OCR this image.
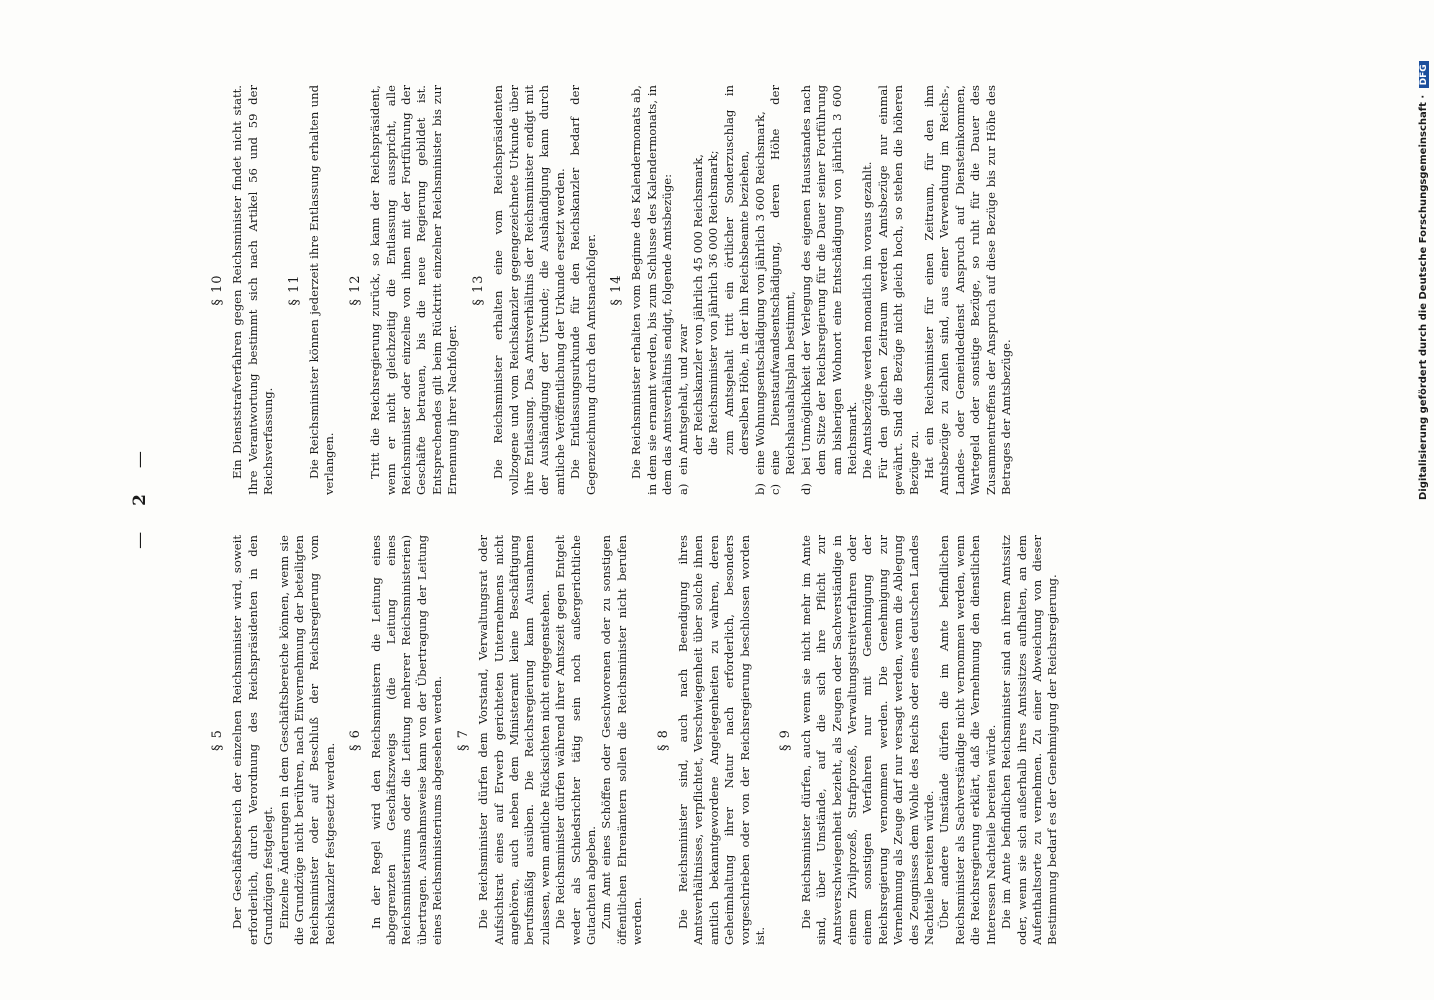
— 2 —
§ 5 Der Geschäftsbereich der einzelnen Reichsminister wird, soweit erforderlich, durch Verordnung des Reichspräsidenten in den Grundzügen festgelegt. Einzelne Änderungen in dem Geschäftsbereiche können, wenn sie die Grundzüge nicht berühren, nach Einvernehmung der beteiligten Reichsminister oder auf Beschluß der Reichsregierung vom Reichskanzler festgesetzt werden.

§ 6 In der Regel wird den Reichsministern die Leitung eines abgegrenzten Geschäftszweigs (die Leitung eines Reichsministeriums oder die Leitung mehrerer Reichsministerien) übertragen. Ausnahmsweise kann von der Übertragung der Leitung eines Reichsministeriums abgesehen werden. § 7 Die Reichsminister dürfen dem Vorstand, Verwaltungsrat oder Aufsichtsrat eines auf Erwerb gerichteten Unternehmens nicht angehören, auch neben dem Ministeramt keine Beschäftigung berufsmäßig ausüben. Die Reichsregierung kann Ausnahmen zulassen, wenn amtliche Rücksichten nicht entgegenstehen. Die Reichsminister dürfen während ihrer Amtszeit gegen Entgelt weder als Schiedsrichter tätig sein noch außergerichtliche Gutachten abgeben. Zum Amt eines Schöffen oder Geschworenen oder zu sonstigen öffentlichen Ehrenämtern sollen die Reichsminister nicht berufen werden.

§ 8 Die Reichsminister sind, auch nach Beendigung ihres Amtsverhältnisses, verpflichtet, Verschwiegenheit über solche ihnen amtlich bekanntgewordene Angelegenheiten zu wahren, deren Geheimhaltung ihrer Natur nach erforderlich, besonders vorgeschrieben oder von der Reichsregierung beschlossen worden ist.

§ 9 Die Reichsminister dürfen, auch wenn sie nicht mehr im Amte sind, über Umstände, auf die sich ihre Pflicht zur Amtsverschwiegenheit bezieht, als Zeugen oder Sachverständige in einem Zivilprozeß, Strafprozeß, Verwaltungsstreitverfahren oder einem sonstigen Verfahren nur mit Genehmigung der Reichsregierung vernommen werden. Die Genehmigung zur Vernehmung als Zeuge darf nur versagt werden, wenn die Ablegung des Zeugnisses dem Wohle des Reichs oder eines deutschen Landes Nachteile bereiten würde. Über andere Umstände dürfen die im Amte befindlichen Reichsminister als Sachverständige nicht vernommen werden, wenn die Reichsregierung erklärt, daß die Vernehmung den dienstlichen Interessen Nachteile bereiten würde. Die im Amte befindlichen Reichsminister sind an ihrem Amtssitz oder, wenn sie sich außerhalb ihres Amtssitzes aufhalten, an dem Aufenthaltsorte zu vernehmen. Zu einer Abweichung von dieser Bestimmung bedarf es der Genehmigung der Reichsregierung.

§ 10 Ein Dienststrafverfahren gegen Reichsminister findet nicht statt. Ihre Verantwortung bestimmt sich nach Artikel 56 und 59 der Reichsverfassung.

§ 11 Die Reichsminister können jederzeit ihre Entlassung erhalten und verlangen.

§ 12 Tritt die Reichsregierung zurück, so kann der Reichspräsident, wenn er nicht gleichzeitig die Entlassung ausspricht, alle Reichsminister oder einzelne von ihnen mit der Fortführung der Geschäfte betrauen, bis die neue Regierung gebildet ist. Entsprechendes gilt beim Rücktritt einzelner Reichsminister bis zur Ernennung ihrer Nachfolger.

§ 13 Die Reichsminister erhalten eine vom Reichspräsidenten vollzogene und vom Reichskanzler gegengezeichnete Urkunde über ihre Entlassung. Das Amtsverhältnis der Reichsminister endigt mit der Aushändigung der Urkunde; die Aushändigung kann durch amtliche Veröffentlichung der Urkunde ersetzt werden. Die Entlassungsurkunde für den Reichskanzler bedarf der Gegenzeichnung durch den Amtsnachfolger. § 14 Die Reichsminister erhalten vom Beginne des Kalendermonats ab, in dem sie ernannt werden, bis zum Schlusse des Kalendermonats, in dem das Amtsverhältnis endigt, folgende Amtsbezüge: a)
ein Amtsgehalt, und zwar der Reichskanzler von jährlich 45 000 Reichsmark, die Reichsminister von jährlich 36 000 Reichsmark; zum Amtsgehalt tritt ein örtlicher Sonderzuschlag in derselben Höhe, in der ihn Reichsbeamte beziehen,

b)
eine Wohnungsentschädigung von jährlich 3 600 Reichsmark,
c)
eine Dienstaufwandsentschädigung, deren Höhe der Reichshaushaltsplan bestimmt,
d)
bei Unmöglichkeit der Verlegung des eigenen Hausstandes nach dem Sitze der Reichsregierung für die Dauer seiner Fortführung am bisherigen Wohnort eine Entschädigung von jährlich 3 600 Reichsmark. Die Amtsbezüge werden monatlich im voraus gezahlt. Für den gleichen Zeitraum werden Amtsbezüge nur einmal gewährt. Sind die Bezüge nicht gleich hoch, so stehen die höheren Bezüge zu. Hat ein Reichsminister für einen Zeitraum, für den ihm Amtsbezüge zu zahlen sind, aus einer Verwendung im Reichs-, Landes- oder Gemeindedienst Anspruch auf Diensteinkommen, Wartegeld oder sonstige Bezüge, so ruht für die Dauer des Zusammentreffens der Anspruch auf diese Bezüge bis zur Höhe des Betrages der Amtsbezüge.	Digitalisierung gefördert durch die Deutsche Forschungsgemeinschaft · DFG
